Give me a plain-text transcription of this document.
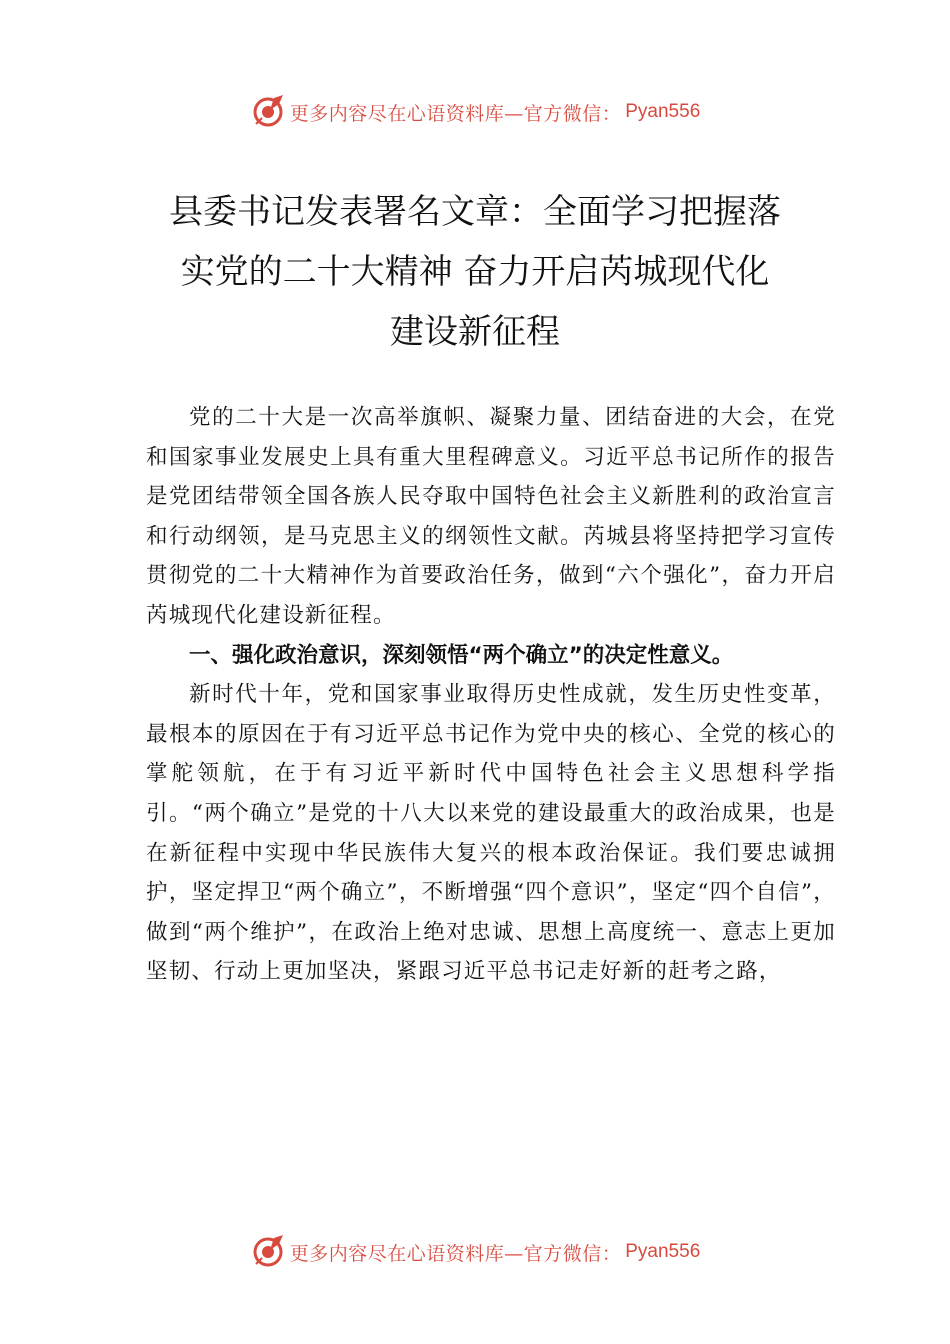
更多内容尽在心语资料库—官方微信： Pyan556
县委书记发表署名文章：全面学习把握落
实党的二十大精神 奋力开启芮城现代化
建设新征程

党的二十大是一次高举旗帜、凝聚力量、团结奋进的大会，在党和国家事业发展史上具有重大里程碑意义。习近平总书记所作的报告是党团结带领全国各族人民夺取中国特色社会主义新胜利的政治宣言和行动纲领，是马克思主义的纲领性文献。芮城县将坚持把学习宣传贯彻党的二十大精神作为首要政治任务，做到“六个强化”，奋力开启芮城现代化建设新征程。

一、强化政治意识，深刻领悟“两个确立”的决定性意义。

新时代十年，党和国家事业取得历史性成就，发生历史性变革，最根本的原因在于有习近平总书记作为党中央的核心、全党的核心的掌舵领航，在于有习近平新时代中国特色社会主义思想科学指引。“两个确立”是党的十八大以来党的建设最重大的政治成果，也是在新征程中实现中华民族伟大复兴的根本政治保证。我们要忠诚拥护，坚定捍卫“两个确立”，不断增强“四个意识”，坚定“四个自信”，做到“两个维护”，在政治上绝对忠诚、思想上高度统一、意志上更加坚韧、行动上更加坚决，紧跟习近平总书记走好新的赶考之路，

更多内容尽在心语资料库—官方微信： Pyan556
